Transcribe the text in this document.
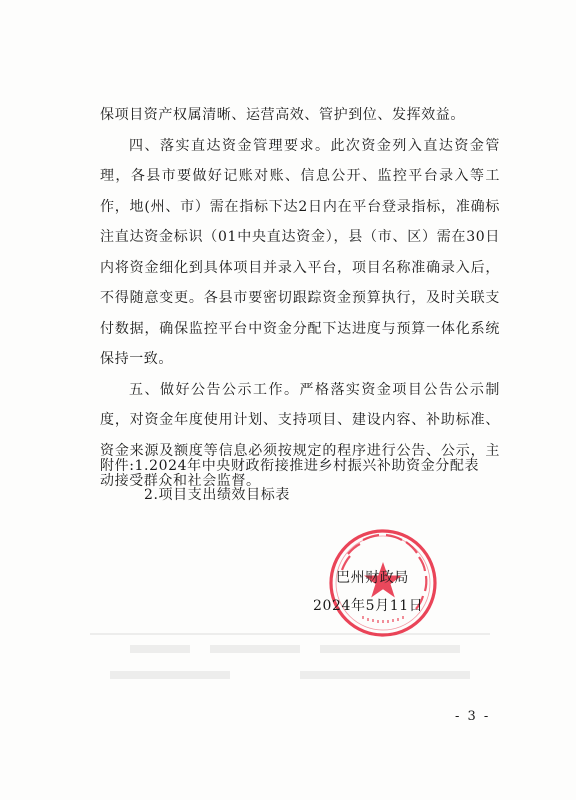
保项目资产权属清晰、运营高效、管护到位、发挥效益。

四、落实直达资金管理要求。此次资金列入直达资金管理，各县市要做好记账对账、信息公开、监控平台录入等工作，地(州、市）需在指标下达2日内在平台登录指标，准确标注直达资金标识（01中央直达资金），县（市、区）需在30日内将资金细化到具体项目并录入平台，项目名称准确录入后，不得随意变更。各县市要密切跟踪资金预算执行，及时关联支付数据，确保监控平台中资金分配下达进度与预算一体化系统保持一致。

五、做好公告公示工作。严格落实资金项目公告公示制度，对资金年度使用计划、支持项目、建设内容、补助标准、资金来源及额度等信息必须按规定的程序进行公告、公示，主动接受群众和社会监督。

附件:1.2024年中央财政衔接推进乡村振兴补助资金分配表
2.项目支出绩效目标表
巴州财政局
2024年5月11日
- 3 -
